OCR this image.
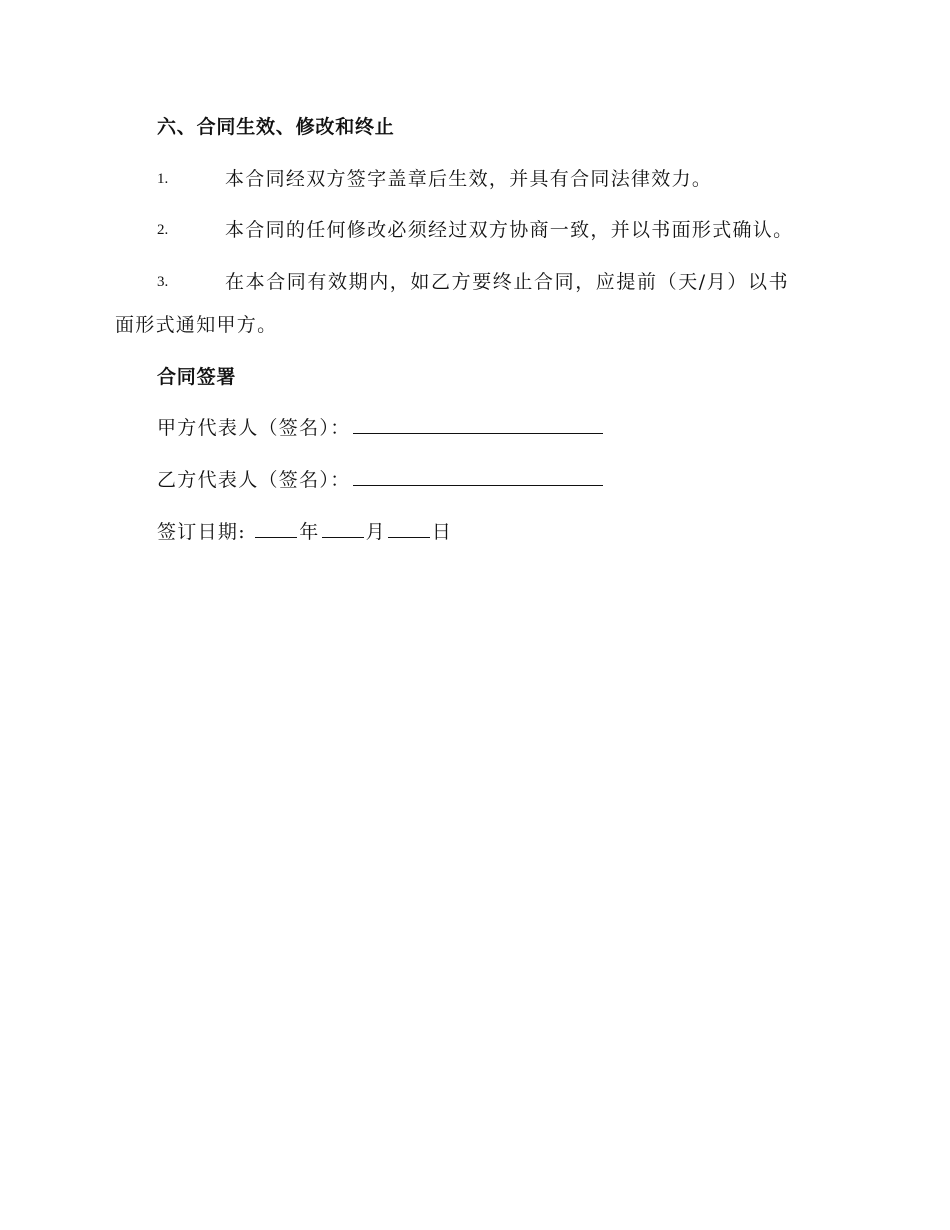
六、合同生效、修改和终止
1.	本合同经双方签字盖章后生效，并具有合同法律效力。
2.	本合同的任何修改必须经过双方协商一致，并以书面形式确认。
3.	在本合同有效期内，如乙方要终止合同，应提前（天/月）以书
面形式通知甲方。
合同签署
甲方代表人（签名）：
乙方代表人（签名）：
签订日期:	年 月 日
